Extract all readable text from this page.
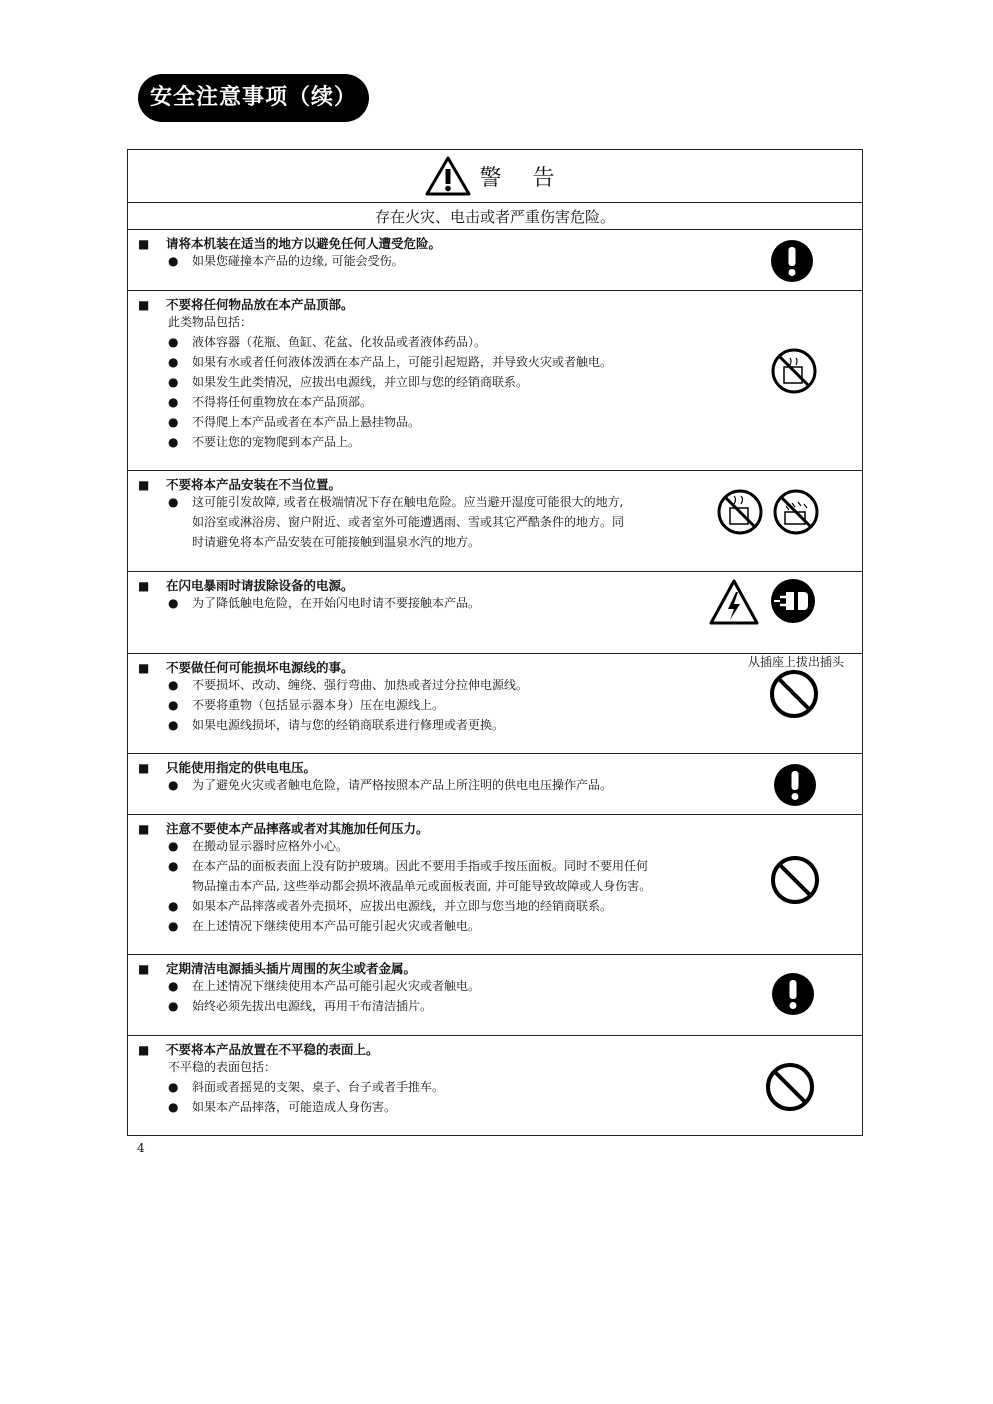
安全注意事项（续）
警 告
存在火灾、电击或者严重伤害危险。
■ 请将本机装在适当的地方以避免任何人遭受危险。
● 如果您碰撞本产品的边缘, 可能会受伤。
■ 不要将任何物品放在本产品顶部。
此类物品包括：
● 液体容器（花瓶、鱼缸、花盆、化妆品或者液体药品）。
● 如果有水或者任何液体泼洒在本产品上，可能引起短路，并导致火灾或者触电。
● 如果发生此类情况，应拔出电源线，并立即与您的经销商联系。
● 不得将任何重物放在本产品顶部。
● 不得爬上本产品或者在本产品上悬挂物品。
● 不要让您的宠物爬到本产品上。
■ 不要将本产品安装在不当位置。
● 这可能引发故障, 或者在极端情况下存在触电危险。应当避开湿度可能很大的地方,
如浴室或淋浴房、窗户附近、或者室外可能遭遇雨、雪或其它严酷条件的地方。同
时请避免将本产品安装在可能接触到温泉水汽的地方。
■ 在闪电暴雨时请拔除设备的电源。
● 为了降低触电危险，在开始闪电时请不要接触本产品。
从插座上拔出插头
■ 不要做任何可能损坏电源线的事。
● 不要损坏、改动、缠绕、强行弯曲、加热或者过分拉伸电源线。
● 不要将重物（包括显示器本身）压在电源线上。
● 如果电源线损坏，请与您的经销商联系进行修理或者更换。
■ 只能使用指定的供电电压。
● 为了避免火灾或者触电危险，请严格按照本产品上所注明的供电电压操作产品。
■ 注意不要使本产品摔落或者对其施加任何压力。
● 在搬动显示器时应格外小心。
● 在本产品的面板表面上没有防护玻璃。因此不要用手指或手按压面板。同时不要用任何
物品撞击本产品, 这些举动都会损坏液晶单元或面板表面, 并可能导致故障或人身伤害。
● 如果本产品摔落或者外壳损坏，应拔出电源线，并立即与您当地的经销商联系。
● 在上述情况下继续使用本产品可能引起火灾或者触电。
■ 定期清洁电源插头插片周围的灰尘或者金属。
● 在上述情况下继续使用本产品可能引起火灾或者触电。
● 始终必须先拔出电源线，再用干布清洁插片。
■ 不要将本产品放置在不平稳的表面上。
不平稳的表面包括：
● 斜面或者摇晃的支架、桌子、台子或者手推车。
● 如果本产品摔落，可能造成人身伤害。
4
